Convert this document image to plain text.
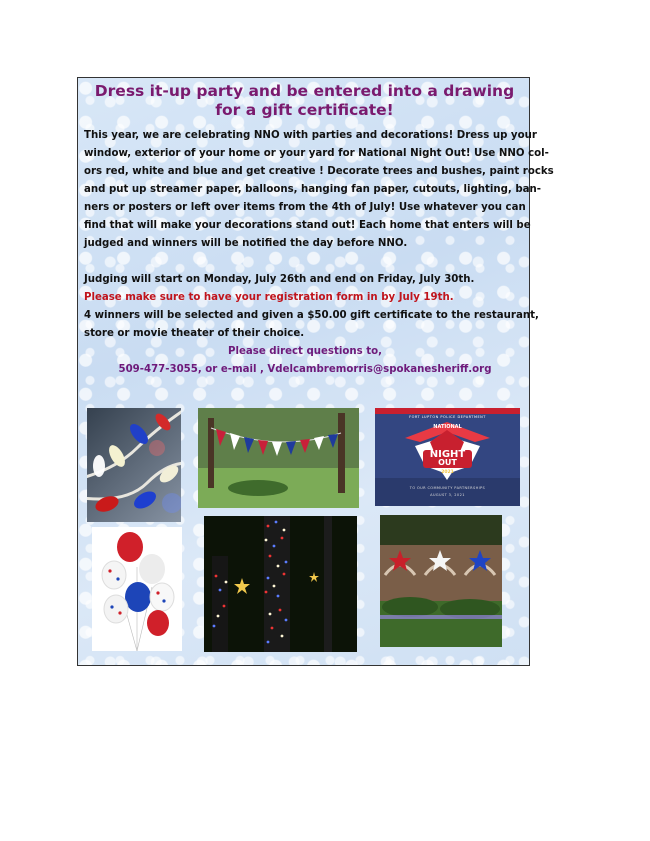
Dress it-up party and be entered into a drawing for a gift certificate!
This year, we are celebrating NNO with parties and decorations! Dress up your
window, exterior of your home or your yard for National Night Out! Use NNO col-
ors red, white and blue and get creative ! Decorate trees and bushes, paint rocks
and put up streamer paper, balloons, hanging fan paper, cutouts, lighting, ban-
ners or posters or left over items from the 4th of July! Use whatever you can
find that will make your decorations stand out! Each home that enters will be
judged and winners will be notified the day before NNO.
Judging will start on Monday, July 26th and end on Friday, July 30th.
Please make sure to have your registration form in by July 19th.
4 winners will be selected and given a $50.00 gift certificate to the restaurant,
store or movie theater of their choice.
Please direct questions to,
509-477-3055, or e-mail , Vdelcambremorris@spokanesheriff.org
FORT LUPTON POLICE DEPARTMENT
NATIONAL
NIGHT
OUT
2021
TO OUR COMMUNITY PARTNERSHIPS
AUGUST 3, 2021
